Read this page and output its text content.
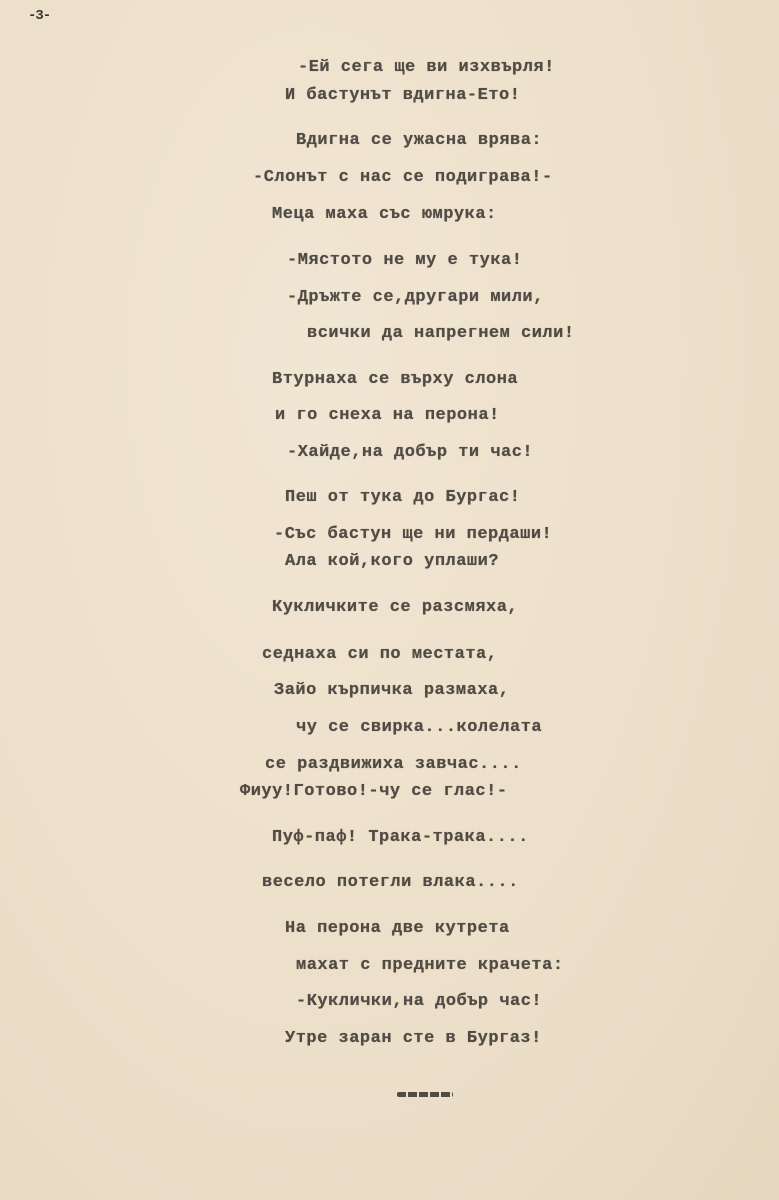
-3-
-Ей сега ще ви изхвърля!
И бастунът вдигна-Ето!
Вдигна се ужасна врява:
-Слонът с нас се подиграва!-
Мецa маха със юмрука:
-Мястото не му е тука!
-Дръжте се,другари мили,
всички да напрегнем сили!
Втурнаха се върху слона
и го снеха на перона!
-Хайде,на добър ти час!
Пеш от тука до Бургас!
-Със бастун ще ни пердаши!
Ала кой,кого уплаши?
Кукличките се разсмяха,
седнаха си по местата,
Зайо кърпичка размаха,
чу се свирка...колелата
се раздвижиха завчас....
Фиуу!Готово!-чу се глас!-
Пуф-паф! Трака-трака....
весело потегли влака....
На перона две кутрета
махат с предните крачета:
-Куклички,на добър час!
Утре заран сте в Бургаз!
